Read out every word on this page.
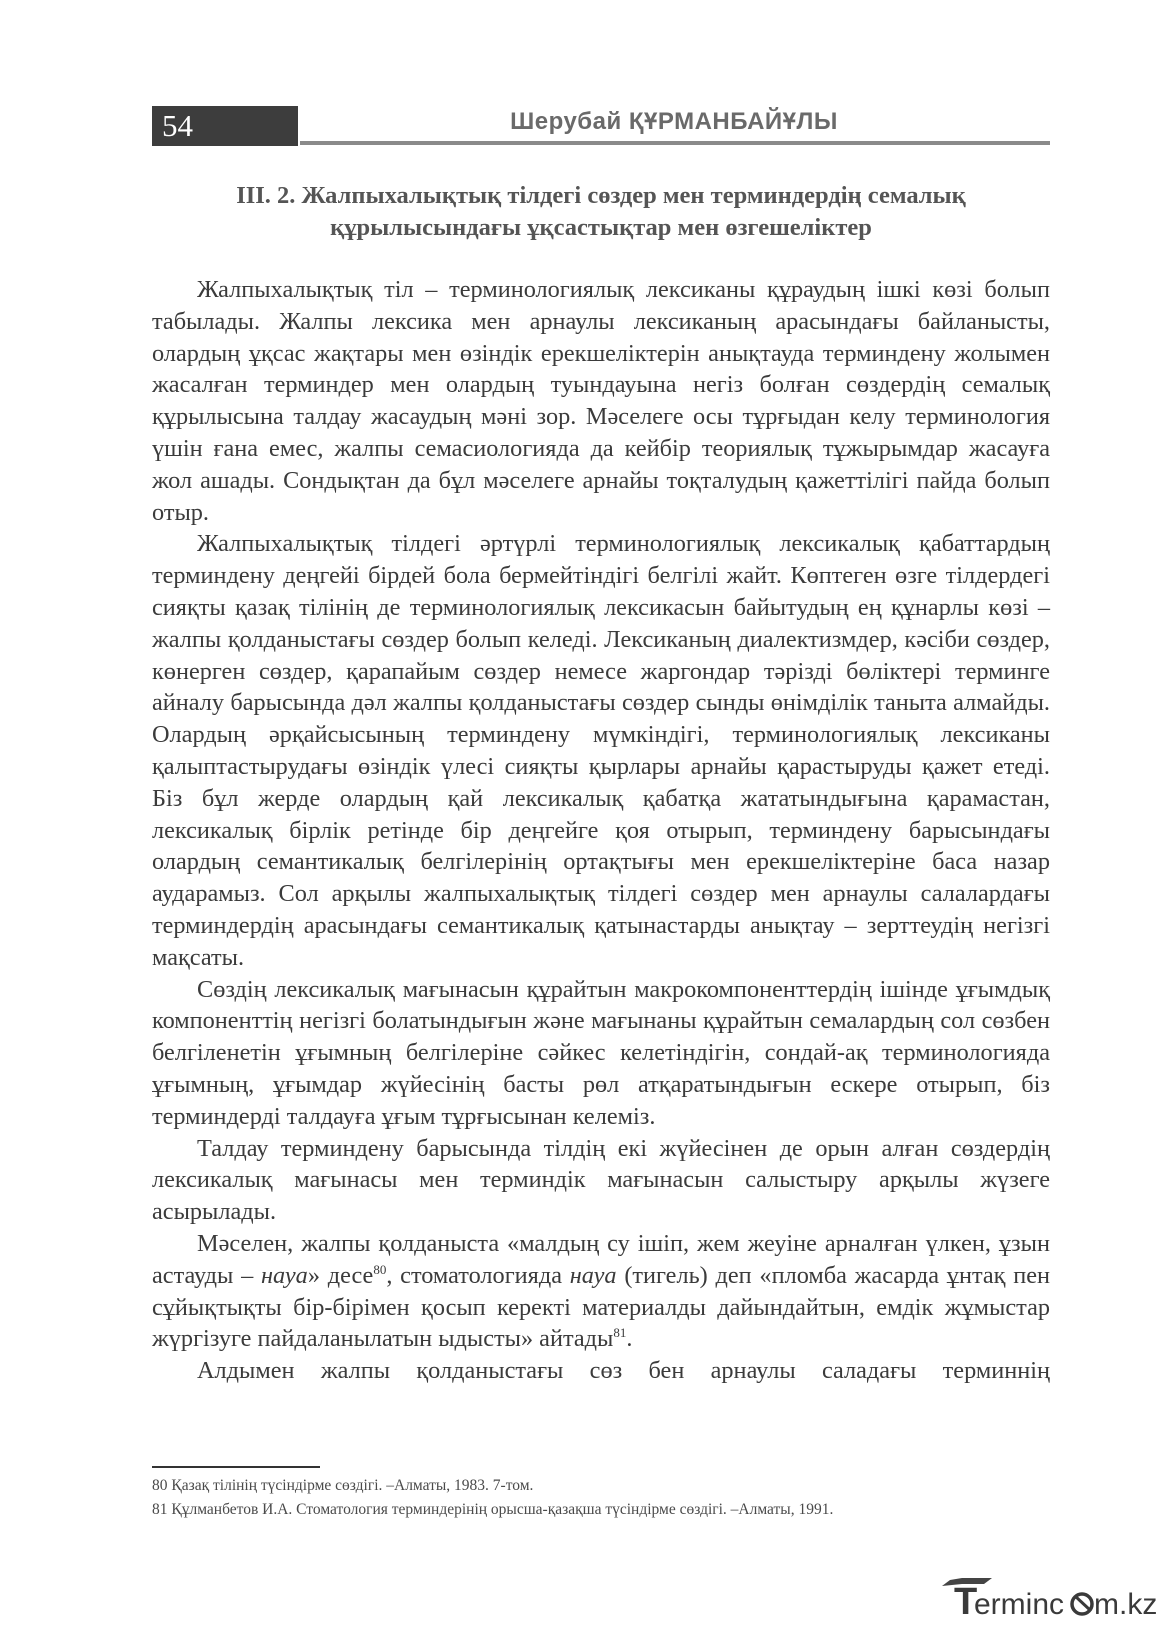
54	Шерубай ҚҰРМАНБАЙҰЛЫ
ІІІ. 2. Жалпыхалықтық тілдегі сөздер мен терминдердің семалық
құрылысындағы ұқсастықтар мен өзгешеліктер

Жалпыхалықтық тіл – терминологиялық лексиканы құраудың ішкі көзі болып табылады. Жалпы лексика мен арнаулы лексиканың арасындағы байланысты, олардың ұқсас жақтары мен өзіндік ерекшеліктерін анықтауда терминдену жолымен жасалған терминдер мен олардың туындауына негіз болған сөздердің семалық құрылысына талдау жасаудың мәні зор. Мәселеге осы тұрғыдан келу терминология үшін ғана емес, жалпы семасиологияда да кейбір теориялық тұжырымдар жасауға жол ашады. Сондықтан да бұл мәселеге арнайы тоқталудың қажеттілігі пайда болып отыр.

Жалпыхалықтық тілдегі әртүрлі терминологиялық лексикалық қабаттардың терминдену деңгейі бірдей бола бермейтіндігі белгілі жайт. Көптеген өзге тілдердегі сияқты қазақ тілінің де терминологиялық лексикасын байытудың ең құнарлы көзі – жалпы қолданыстағы сөздер болып келеді. Лексиканың диалектизмдер, кәсіби сөздер, көнерген сөздер, қарапайым сөздер немесе жаргондар тәрізді бөліктері терминге айналу барысында дәл жалпы қолданыстағы сөздер сынды өнімділік таныта алмайды. Олардың әрқайсысының терминдену мүмкіндігі, терминологиялық лексиканы қалыптастырудағы өзіндік үлесі сияқты қырлары арнайы қарастыруды қажет етеді. Біз бұл жерде олардың қай лексикалық қабатқа жататындығына қарамастан, лексикалық бірлік ретінде бір деңгейге қоя отырып, терминдену барысындағы олардың семантикалық белгілерінің ортақтығы мен ерекшеліктеріне баса назар аударамыз. Сол арқылы жалпыхалықтық тілдегі сөздер мен арнаулы салалардағы терминдердің арасындағы семантикалық қатынастарды анықтау – зерттеудің негізгі мақсаты.

Сөздің лексикалық мағынасын құрайтын макрокомпоненттердің ішінде ұғымдық компоненттің негізгі болатындығын және мағынаны құрайтын семалардың сол сөзбен белгіленетін ұғымның белгілеріне сәйкес келетіндігін, сондай-ақ терминологияда ұғымның, ұғымдар жүйесінің басты рөл атқаратындығын ескере отырып, біз терминдерді талдауға ұғым тұрғысынан келеміз.

Талдау терминдену барысында тілдің екі жүйесінен де орын алған сөздердің лексикалық мағынасы мен терминдік мағынасын салыстыру арқылы жүзеге асырылады.

Мәселен, жалпы қолданыста «малдың су ішіп, жем жеуіне арналған үлкен, ұзын астауды – науа» десе$^{80}$, стоматологияда науа (тигель) деп «пломба жасарда ұнтақ пен сұйықтықты бір-бірімен қосып керекті материалды дайындайтын, емдік жұмыстар жүргізуге пайдаланылатын ыдысты» айтады$^{81}$.

Алдымен жалпы қолданыстағы сөз бен арнаулы саладағы терминнің

80 Қазақ тілінің түсіндірме сөздігі. –Алматы, 1983. 7-том.
81 Құлманбетов И.А. Стоматология терминдерінің орысша-қазақша түсіндірме сөздігі. –Алматы, 1991.
T
erminc m.kz
